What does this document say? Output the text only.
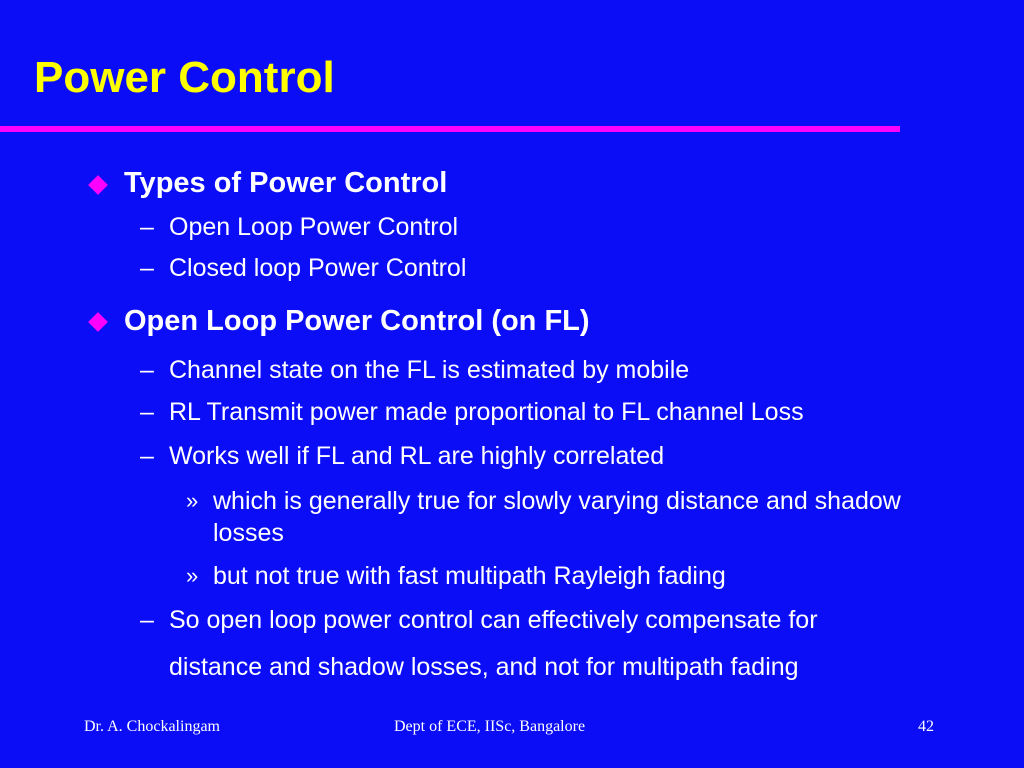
Power Control
Types of Power Control
– Open Loop Power Control
– Closed loop Power Control
Open Loop Power Control (on FL)
– Channel state on the FL is estimated by mobile
– RL Transmit power made proportional to FL channel Loss
– Works well if FL and RL are highly correlated
» which is generally true for slowly varying distance and shadow losses
» but not true with fast multipath Rayleigh fading
– So open loop power control can effectively compensate for
distance and shadow losses, and not for multipath fading
Dr. A. Chockalingam	Dept of ECE, IISc, Bangalore	42
